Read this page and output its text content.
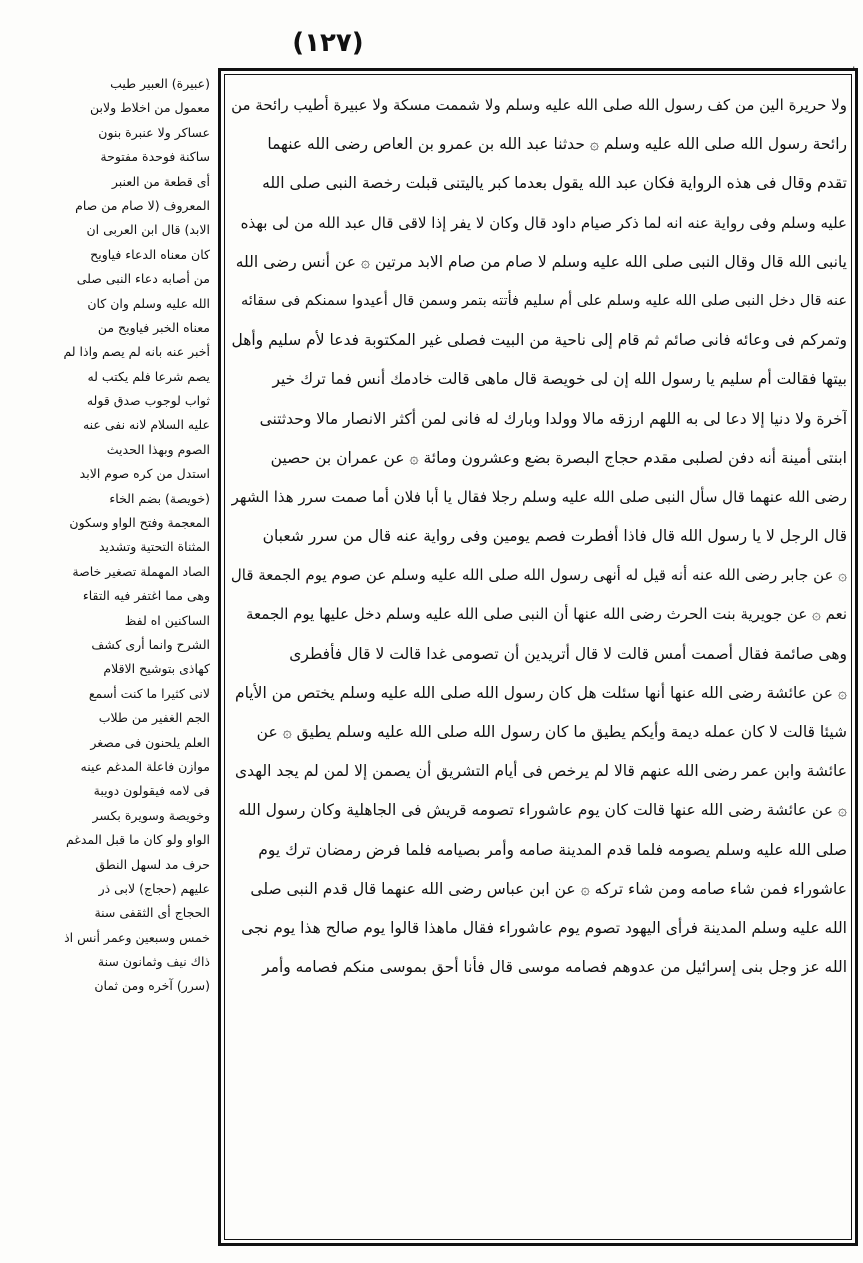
(١٢٧)
٠
ولا حريرة الين من كف رسول الله صلى الله عليه وسلم ولا شممت مسكة ولا عبيرة أطيب رائحة من
رائحة رسول الله صلى الله عليه وسلم ۞ حدثنا عبد الله بن عمرو بن العاص رضى الله عنهما
تقدم وقال فى هذه الرواية فكان عبد الله يقول بعدما كبر ياليتنى قبلت رخصة النبى صلى الله
عليه وسلم وفى رواية عنه انه لما ذكر صيام داود قال وكان لا يفر إذا لاقى قال عبد الله من لى بهذه
يانبى الله قال وقال النبى صلى الله عليه وسلم لا صام من صام الابد مرتين ۞ عن أنس رضى الله
عنه قال دخل النبى صلى الله عليه وسلم على أم سليم فأتته بتمر وسمن قال أعيدوا سمنكم فى سقائه
وتمركم فى وعائه فانى صائم ثم قام إلى ناحية من البيت فصلى غير المكتوبة فدعا لأم سليم وأهل
بيتها فقالت أم سليم يا رسول الله إن لى خويصة قال ماهى قالت خادمك أنس فما ترك خير
آخرة ولا دنيا إلا دعا لى به اللهم ارزقه مالا وولدا وبارك له فانى لمن أكثر الانصار مالا وحدثتنى
ابنتى أمينة أنه دفن لصلبى مقدم حجاج البصرة بضع وعشرون ومائة ۞ عن عمران بن حصين
رضى الله عنهما قال سأل النبى صلى الله عليه وسلم رجلا فقال يا أبا فلان أما صمت سرر هذا الشهر
قال الرجل لا يا رسول الله قال فاذا أفطرت فصم يومين وفى رواية عنه قال من سرر شعبان
۞ عن جابر رضى الله عنه أنه قيل له أنهى رسول الله صلى الله عليه وسلم عن صوم يوم الجمعة قال
نعم ۞ عن جويرية بنت الحرث رضى الله عنها أن النبى صلى الله عليه وسلم دخل عليها يوم الجمعة
وهى صائمة فقال أصمت أمس قالت لا قال أتريدين أن تصومى غدا قالت لا قال فأفطرى
۞ عن عائشة رضى الله عنها أنها سئلت هل كان رسول الله صلى الله عليه وسلم يختص من الأيام
شيئا قالت لا كان عمله ديمة وأيكم يطيق ما كان رسول الله صلى الله عليه وسلم يطيق ۞ عن
عائشة وابن عمر رضى الله عنهم قالا لم يرخص فى أيام التشريق أن يصمن إلا لمن لم يجد الهدى
۞ عن عائشة رضى الله عنها قالت كان يوم عاشوراء تصومه قريش فى الجاهلية وكان رسول الله
صلى الله عليه وسلم يصومه فلما قدم المدينة صامه وأمر بصيامه فلما فرض رمضان ترك يوم
عاشوراء فمن شاء صامه ومن شاء تركه ۞ عن ابن عباس رضى الله عنهما قال قدم النبى صلى
الله عليه وسلم المدينة فرأى اليهود تصوم يوم عاشوراء فقال ماهذا قالوا يوم صالح هذا يوم نجى
الله عز وجل بنى إسرائيل من عدوهم فصامه موسى قال فأنا أحق بموسى منكم فصامه وأمر
(عبيرة) العبير طيب
معمول من اخلاط ولابن
عساكر ولا عنبرة بنون
ساكنة فوحدة مفتوحة
أى قطعة من العنبر
المعروف (لا صام من صام
الابد) قال ابن العربى ان
كان معناه الدعاء فياويح
من أصابه دعاء النبى صلى
الله عليه وسلم وان كان
معناه الخبر فياويح من
أخبر عنه بانه لم يصم واذا لم
يصم شرعا فلم يكتب له
ثواب لوجوب صدق قوله
عليه السلام لانه نفى عنه
الصوم وبهذا الحديث
استدل من كره صوم الابد
(خويصة) بضم الخاء
المعجمة وفتح الواو وسكون
المثناة التحتية وتشديد
الصاد المهملة تصغير خاصة
وهى مما اغتفر فيه التقاء
الساكنين اه لفظ
الشرح وانما أرى كشف
كهاذى بتوشيح الاقلام
لانى كثيرا ما كنت أسمع
الجم الغفير من طلاب
العلم يلحنون فى مصغر
موازن فاعلة المدغم عينه
فى لامه فيقولون دويبة
وخويصة وسويرة بكسر
الواو ولو كان ما قبل المدغم
حرف مد لسهل النطق
عليهم (حجاج) لابى ذر
الحجاج أى الثقفى سنة
خمس وسبعين وعمر أنس اذ
ذاك نيف وثمانون سنة
(سرر) آخره ومن ثمان
